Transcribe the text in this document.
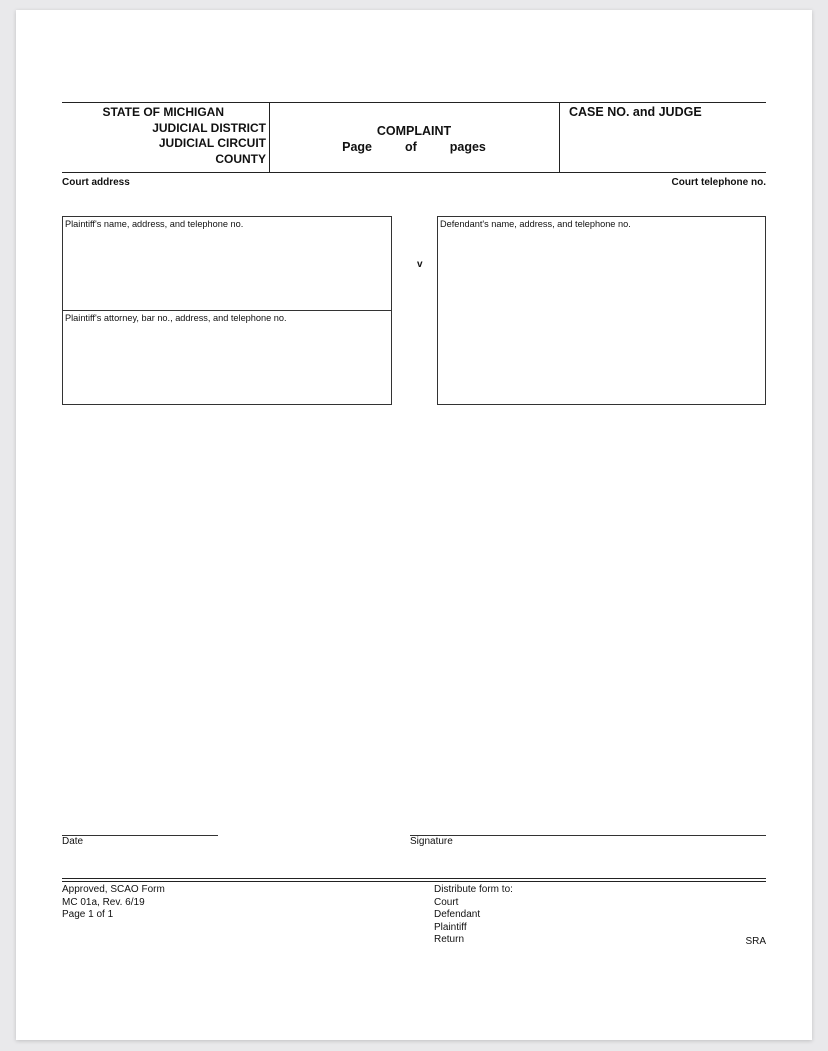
STATE OF MICHIGAN
JUDICIAL DISTRICT
JUDICIAL CIRCUIT
COUNTY
COMPLAINT
Page	of	pages
CASE NO. and JUDGE
Court address	Court telephone no.
Plaintiff's name, address, and telephone no.
Plaintiff's attorney, bar no., address, and telephone no.
v
Defendant's name, address, and telephone no.
Date	Signature
Approved, SCAO Form
MC 01a, Rev. 6/19
Page 1 of 1
Distribute form to:
Court
Defendant
Plaintiff
Return	SRA
